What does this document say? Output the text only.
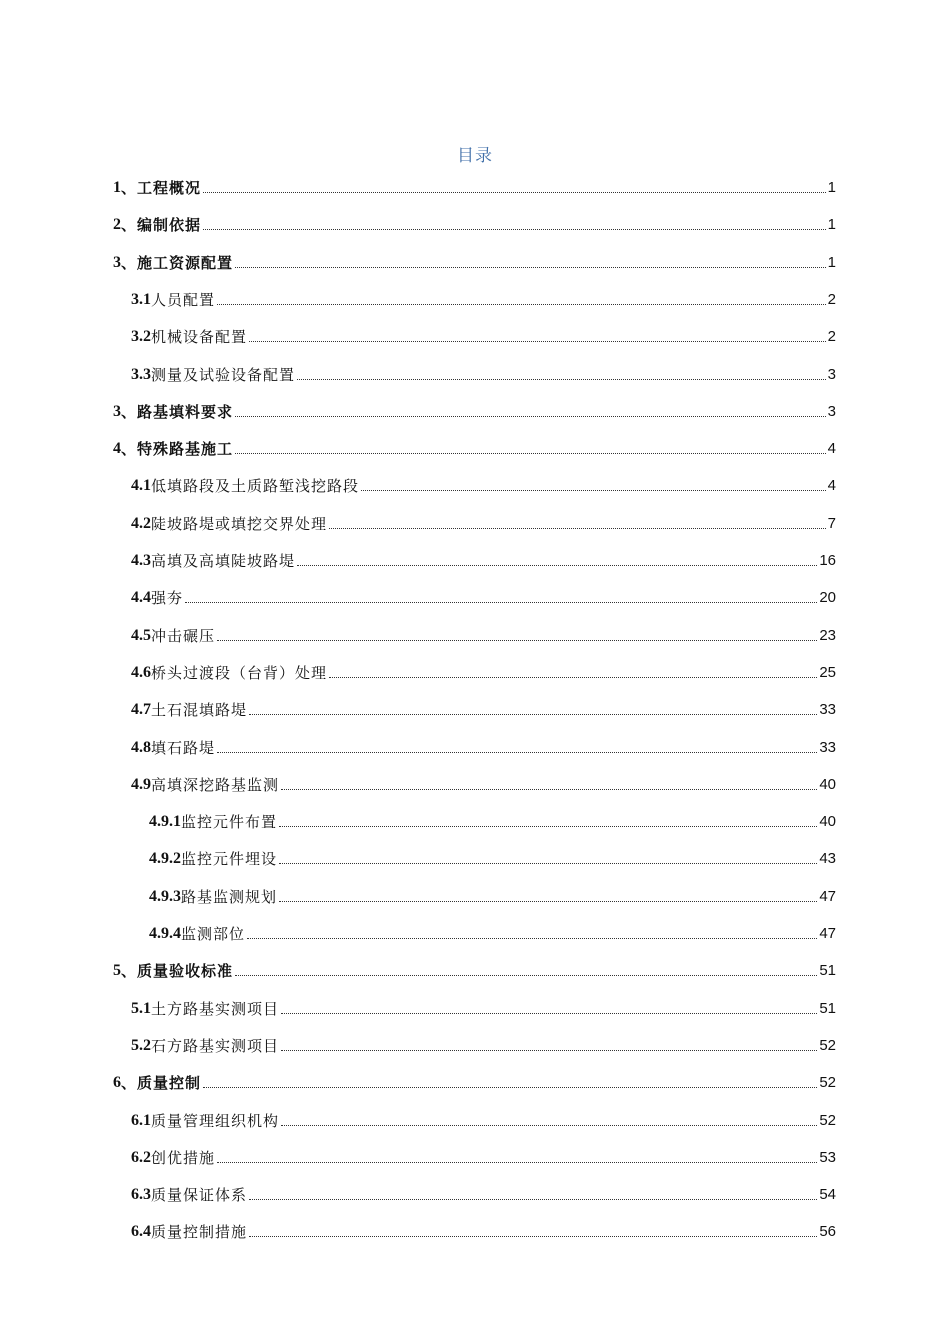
目录
1 、工程概况	1
2 、编制依据	1
3 、施工资源配置	1
3.1 人员配置	2
3.2 机械设备配置	2
3.3 测量及试验设备配置	3
3 、路基填料要求	3
4 、特殊路基施工	4
4.1 低填路段及土质路堑浅挖路段	4
4.2 陡坡路堤或填挖交界处理	7
4.3 高填及高填陡坡路堤	16
4.4 强夯	20
4.5 冲击碾压	23
4.6 桥头过渡段（台背）处理	25
4.7 土石混填路堤	33
4.8 填石路堤	33
4.9 高填深挖路基监测	40
4.9.1 监控元件布置	40
4.9.2 监控元件埋设	43
4.9.3 路基监测规划	47
4.9.4 监测部位	47
5 、质量验收标准	51
5.1 土方路基实测项目	51
5.2 石方路基实测项目	52
6 、质量控制	52
6.1 质量管理组织机构	52
6.2 创优措施	53
6.3 质量保证体系	54
6.4 质量控制措施	56
